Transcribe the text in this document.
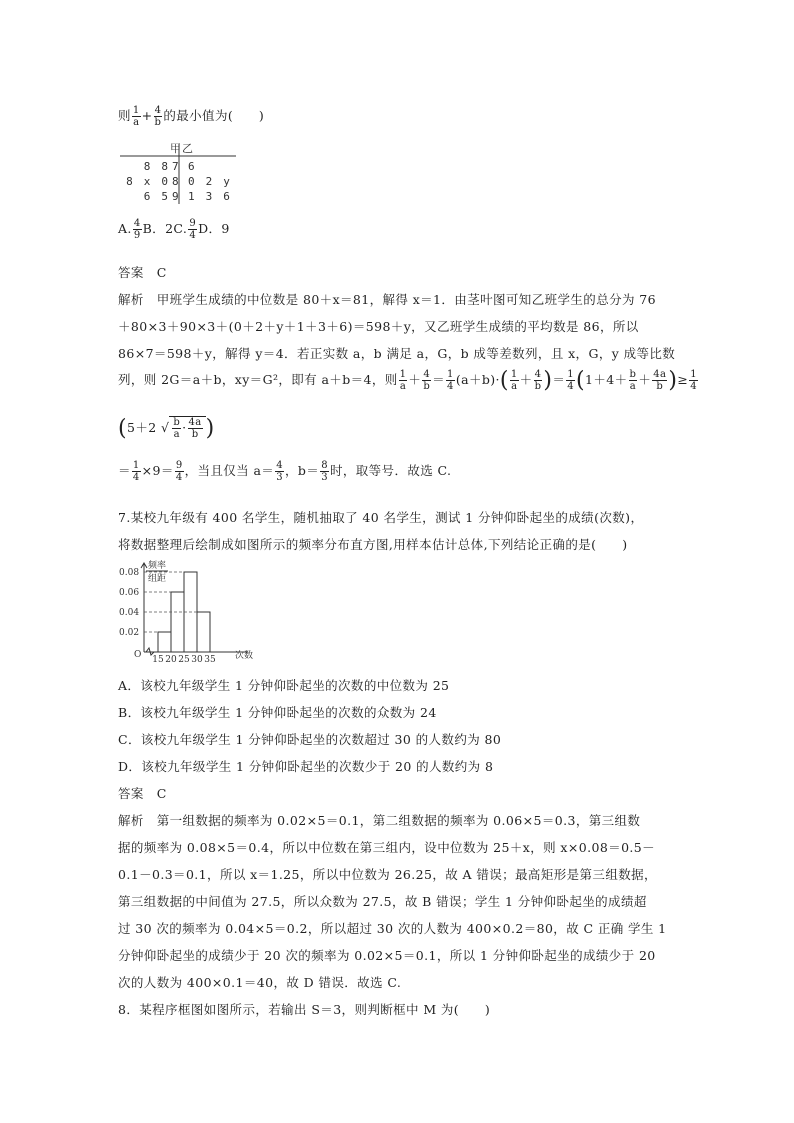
则 $\frac{1}{a} + \frac{4}{b}$ 的最小值为(　　)
甲 乙
8　8 7 6
8　x　0 8 0　2　y
6　5 9 1　3　6
A. $\frac{4}{9}$ B．2C. $\frac{9}{4}$ D．9
答案　C
解析　甲班学生成绩的中位数是 80＋x＝81，解得 x＝1．由茎叶图可知乙班学生的总分为 76
＋80×3＋90×3＋(0＋2＋y＋1＋3＋6)＝598＋y，又乙班学生成绩的平均数是 86，所以
86×7＝598＋y，解得 y＝4．若正实数 a，b 满足 a，G，b 成等差数列，且 x，G，y 成等比数
列，则 2G＝a＋b，xy＝G²，即有 a＋b＝4，则 $\frac{1}{a} + \frac{4}{b} = \frac{1}{4} (a+b)\cdot( \frac{1}{a} + \frac{4}{b}$ )＝ $\frac{1}{4} (1+4+ \frac{b}{a} + \frac{4a}{b}$ )≥ $\frac{1}{4}$
(5＋2 √ $\frac{b}{a} \cdot \frac{4a}{b}$ )
＝ $\frac{1}{4} \times 9= \frac{9}{4}$ ，当且仅当 $a= \frac{4}{3}$ ，$b= \frac{8}{3}$ 时，取等号．故选 C.
7.某校九年级有 400 名学生，随机抽取了 40 名学生，测试 1 分钟仰卧起坐的成绩(次数)，
将数据整理后绘制成如图所示的频率分布直方图,用样本估计总体,下列结论正确的是(　　)
频率
组距
O	次数
0.08
0.06
0.04
0.02
15 20 25 30 35
A．该校九年级学生 1 分钟仰卧起坐的次数的中位数为 25
B．该校九年级学生 1 分钟仰卧起坐的次数的众数为 24
C．该校九年级学生 1 分钟仰卧起坐的次数超过 30 的人数约为 80
D．该校九年级学生 1 分钟仰卧起坐的次数少于 20 的人数约为 8
答案　C
解析　第一组数据的频率为 0.02×5＝0.1，第二组数据的频率为 0.06×5＝0.3，第三组数
据的频率为 0.08×5＝0.4，所以中位数在第三组内，设中位数为 25＋x，则 x×0.08＝0.5－
0.1－0.3＝0.1，所以 x＝1.25，所以中位数为 26.25，故 A 错误；最高矩形是第三组数据，
第三组数据的中间值为 27.5，所以众数为 27.5，故 B 错误；学生 1 分钟仰卧起坐的成绩超
过 30 次的频率为 0.04×5＝0.2，所以超过 30 次的人数为 400×0.2＝80，故 C 正确 学生 1
分钟仰卧起坐的成绩少于 20 次的频率为 0.02×5＝0.1，所以 1 分钟仰卧起坐的成绩少于 20
次的人数为 400×0.1＝40，故 D 错误．故选 C.
8．某程序框图如图所示，若输出 S＝3，则判断框中 M 为(　　)
